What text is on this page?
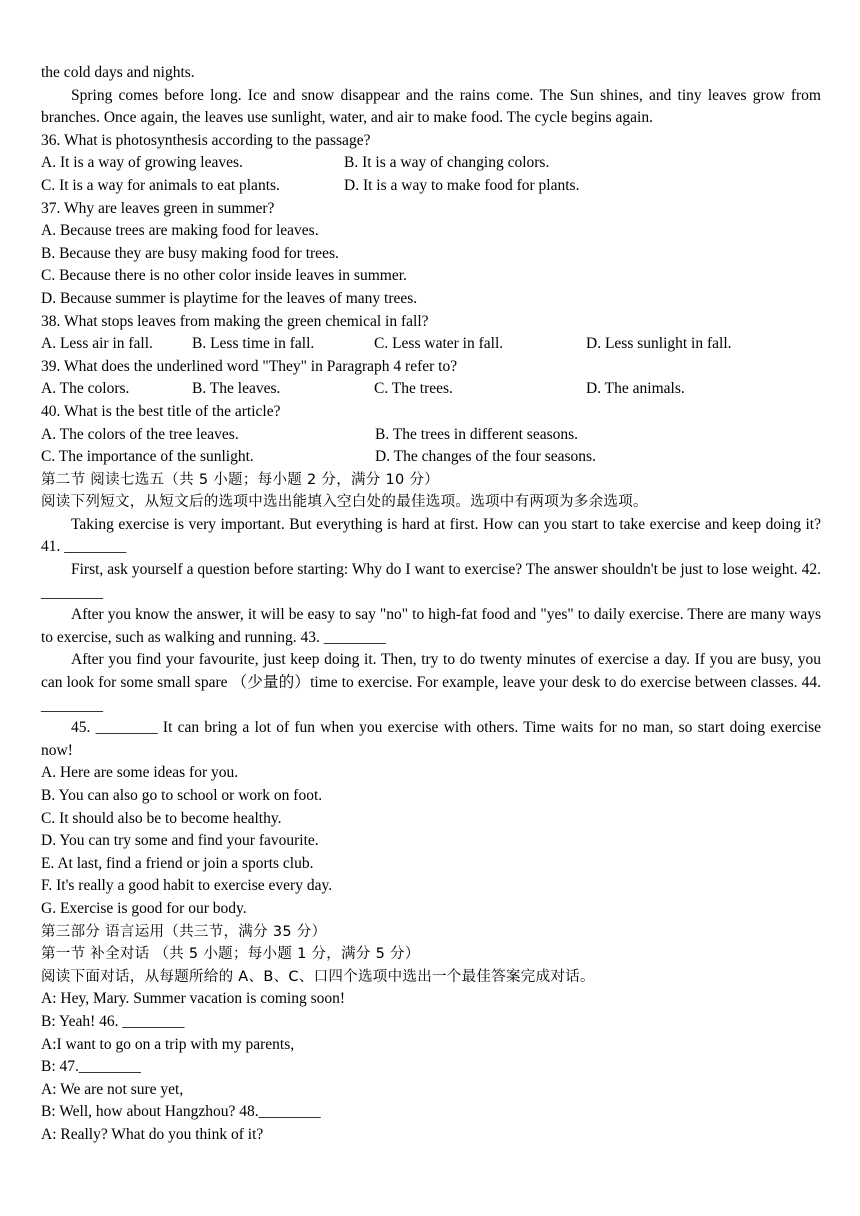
the cold days and nights.
Spring comes before long. Ice and snow disappear and the rains come. The Sun shines, and tiny leaves grow from branches. Once again, the leaves use sunlight, water, and air to make food. The cycle begins again.
36. What is photosynthesis according to the passage?
A. It is a way of growing leaves.	B. It is a way of changing colors.
C. It is a way for animals to eat plants.	D. It is a way to make food for plants.
37. Why are leaves green in summer?
A. Because trees are making food for leaves.
B. Because they are busy making food for trees.
C. Because there is no other color inside leaves in summer.
D. Because summer is playtime for the leaves of many trees.
38. What stops leaves from making the green chemical in fall?
A. Less air in fall.	B. Less time in fall.	C. Less water in fall.	D. Less sunlight in fall.
39. What does the underlined word "They" in Paragraph 4 refer to?
A. The colors.	B. The leaves.	C. The trees.	D. The animals.
40. What is the best title of the article?
A. The colors of the tree leaves.	B. The trees in different seasons.
C. The importance of the sunlight.	D. The changes of the four seasons.
第二节 阅读七选五（共 5 小题；每小题 2 分，满分 10 分）
阅读下列短文，从短文后的选项中选出能填入空白处的最佳选项。选项中有两项为多余选项。
Taking exercise is very important. But everything is hard at first. How can you start to take exercise and keep doing it? 41. ________
First, ask yourself a question before starting: Why do I want to exercise? The answer shouldn't be just to lose weight. 42. ________
After you know the answer, it will be easy to say "no" to high-fat food and "yes" to daily exercise. There are many ways to exercise, such as walking and running. 43. ________
After you find your favourite, just keep doing it. Then, try to do twenty minutes of exercise a day. If you are busy, you can look for some small spare （少量的）time to exercise. For example, leave your desk to do exercise between classes. 44. ________
45. ________ It can bring a lot of fun when you exercise with others. Time waits for no man, so start doing exercise now!
A. Here are some ideas for you.
B. You can also go to school or work on foot.
C. It should also be to become healthy.
D. You can try some and find your favourite.
E. At last, find a friend or join a sports club.
F. It's really a good habit to exercise every day.
G. Exercise is good for our body.
第三部分 语言运用（共三节，满分 35 分）
第一节 补全对话 （共 5 小题；每小题 1 分，满分 5 分）
阅读下面对话，从每题所给的 A、B、C、口四个选项中选出一个最佳答案完成对话。
A: Hey, Mary. Summer vacation is coming soon!
B: Yeah! 46. ________
A:I want to go on a trip with my parents,
B: 47.________
A: We are not sure yet,
B: Well, how about Hangzhou? 48.________
A: Really? What do you think of it?
